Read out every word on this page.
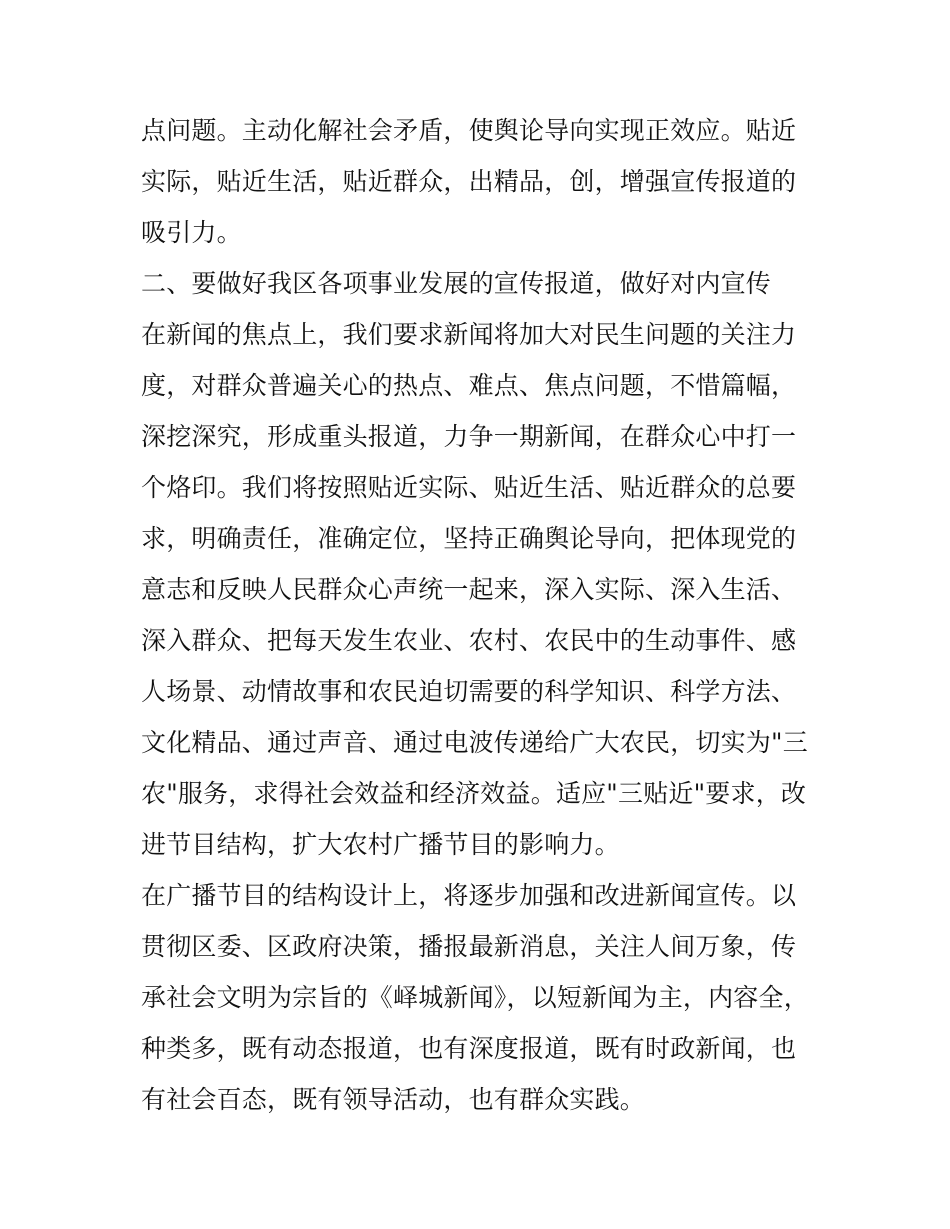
点问题。主动化解社会矛盾，使舆论导向实现正效应。贴近实际，贴近生活，贴近群众，出精品，创，增强宣传报道的吸引力。

二、要做好我区各项事业发展的宣传报道，做好对内宣传

在新闻的焦点上，我们要求新闻将加大对民生问题的关注力度，对群众普遍关心的热点、难点、焦点问题，不惜篇幅，深挖深究，形成重头报道，力争一期新闻，在群众心中打一个烙印。我们将按照贴近实际、贴近生活、贴近群众的总要求，明确责任，准确定位，坚持正确舆论导向，把体现党的意志和反映人民群众心声统一起来，深入实际、深入生活、深入群众、把每天发生农业、农村、农民中的生动事件、感人场景、动情故事和农民迫切需要的科学知识、科学方法、文化精品、通过声音、通过电波传递给广大农民，切实为"三农"服务，求得社会效益和经济效益。适应"三贴近"要求，改进节目结构，扩大农村广播节目的影响力。

在广播节目的结构设计上，将逐步加强和改进新闻宣传。以贯彻区委、区政府决策，播报最新消息，关注人间万象，传承社会文明为宗旨的《峄城新闻》，以短新闻为主，内容全，种类多，既有动态报道，也有深度报道，既有时政新闻，也有社会百态，既有领导活动，也有群众实践。
